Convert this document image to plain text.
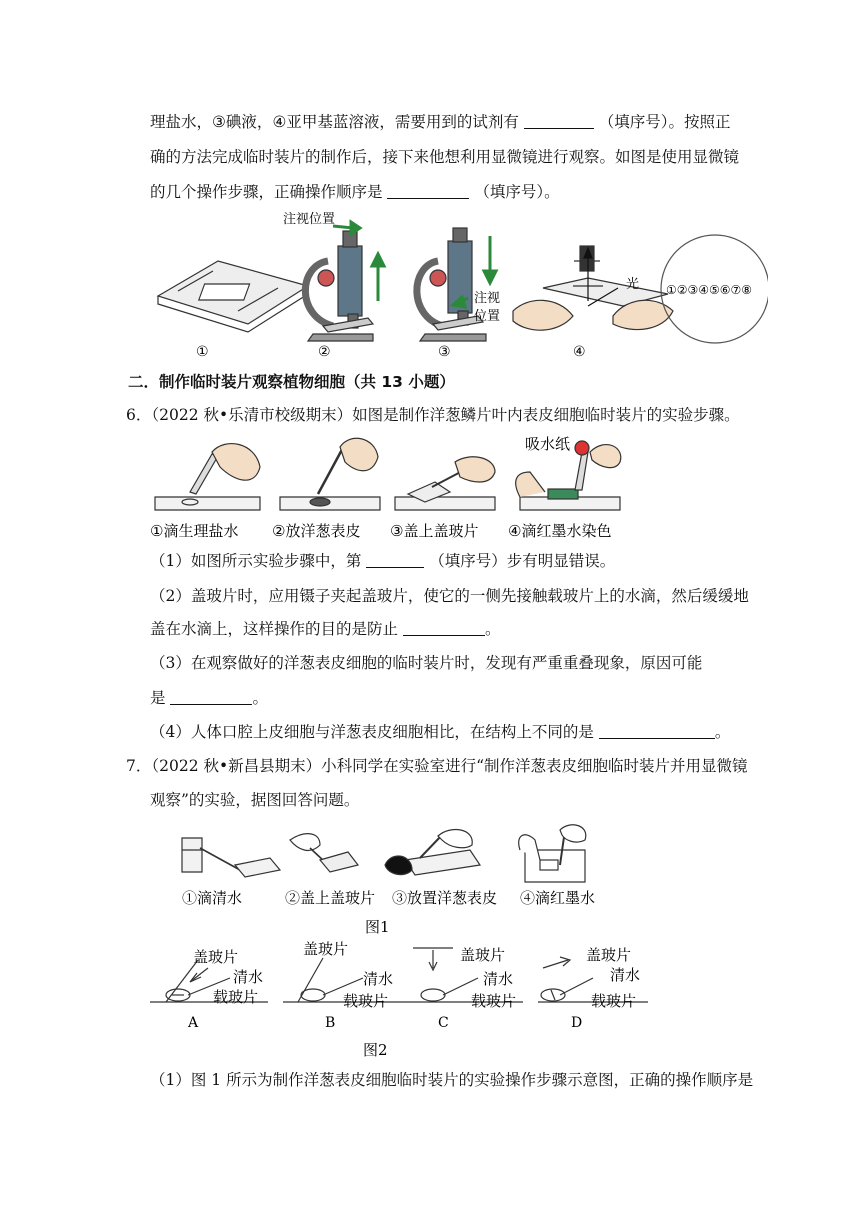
理盐水，③碘液，④亚甲基蓝溶液，需要用到的试剂有	（填序号）。按照正
确的方法完成临时装片的制作后，接下来他想利用显微镜进行观察。如图是使用显微镜
的几个操作步骤，正确操作顺序是	（填序号）。
注视位置
注视
位置
光 ①②③④⑤⑥⑦⑧
①	②	③	④
二．制作临时装片观察植物细胞（共 13 小题）
6．（2022 秋•乐清市校级期末）如图是制作洋葱鳞片叶内表皮细胞临时装片的实验步骤。
吸水纸
①滴生理盐水 ②放洋葱表皮 ③盖上盖玻片 ④滴红墨水染色
（1）如图所示实验步骤中，第	（填序号）步有明显错误。
（2）盖玻片时，应用镊子夹起盖玻片，使它的一侧先接触载玻片上的水滴，然后缓缓地
盖在水滴上，这样操作的目的是防止	。
（3）在观察做好的洋葱表皮细胞的临时装片时，发现有严重重叠现象，原因可能
是	。
（4）人体口腔上皮细胞与洋葱表皮细胞相比，在结构上不同的是	。
7．（2022 秋•新昌县期末）小科同学在实验室进行“制作洋葱表皮细胞临时装片并用显微镜
观察”的实验，据图回答问题。
①滴清水	②盖上盖玻片 ③放置洋葱表皮 ④滴红墨水
图1
盖玻片
清水
载玻片
盖玻片
清水
载玻片
盖玻片
清水
载玻片
盖玻片
清水
载玻片
A	B	C	D
图2
（1）图 1 所示为制作洋葱表皮细胞临时装片的实验操作步骤示意图，正确的操作顺序是
